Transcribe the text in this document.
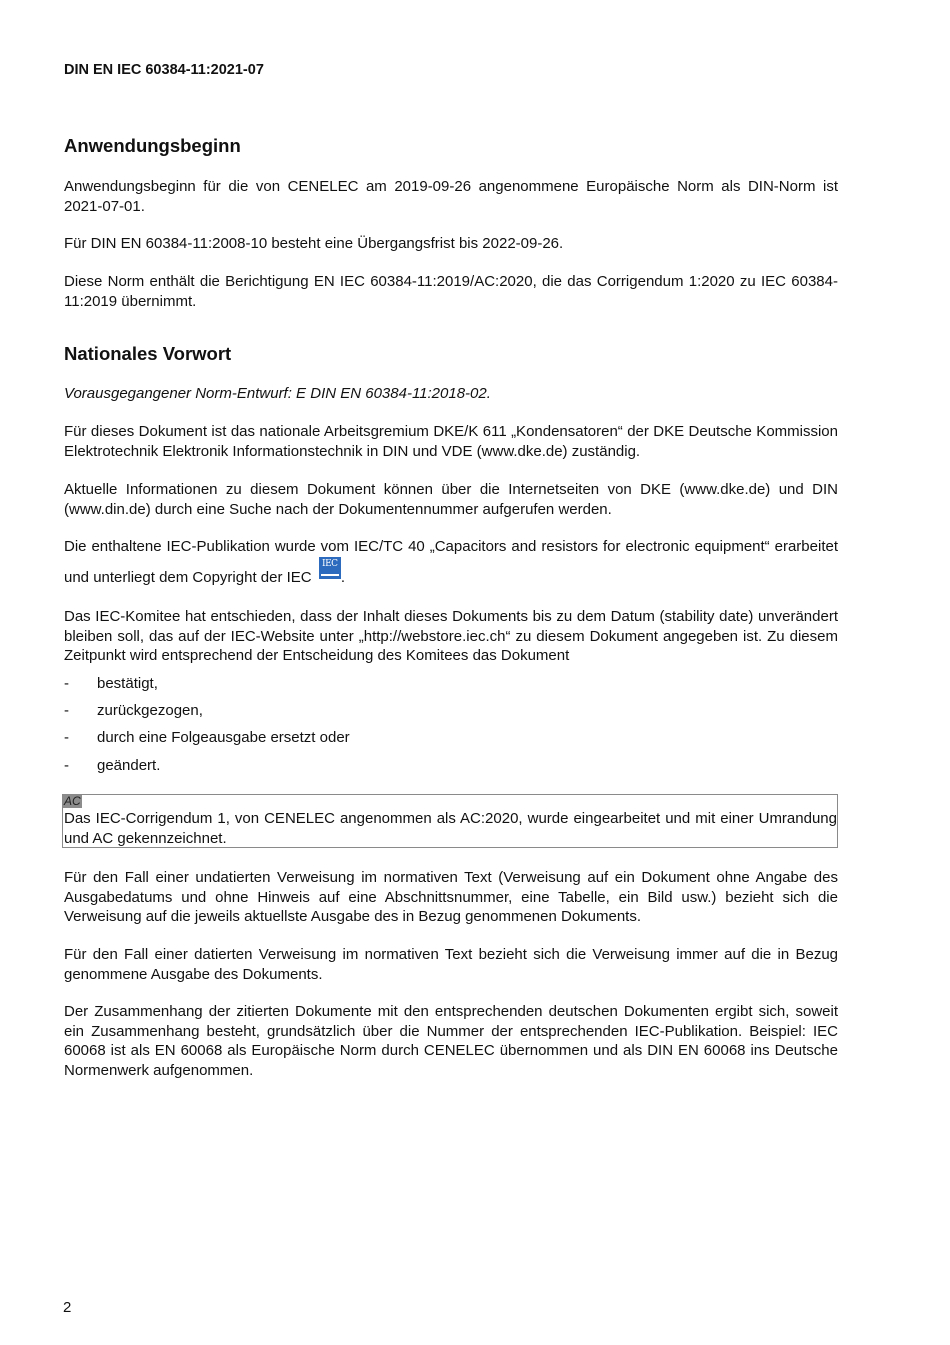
DIN EN IEC 60384-11:2021-07
Anwendungsbeginn
Anwendungsbeginn für die von CENELEC am 2019-09-26 angenommene Europäische Norm als DIN-Norm ist 2021-07-01.
Für DIN EN 60384-11:2008-10 besteht eine Übergangsfrist bis 2022-09-26.
Diese Norm enthält die Berichtigung EN IEC 60384-11:2019/AC:2020, die das Corrigendum 1:2020 zu IEC 60384-11:2019 übernimmt.
Nationales Vorwort
Vorausgegangener Norm-Entwurf: E DIN EN 60384-11:2018-02.
Für dieses Dokument ist das nationale Arbeitsgremium DKE/K 611 „Kondensatoren“ der DKE Deutsche Kommission Elektrotechnik Elektronik Informationstechnik in DIN und VDE (www.dke.de) zuständig.
Aktuelle Informationen zu diesem Dokument können über die Internetseiten von DKE (www.dke.de) und DIN (www.din.de) durch eine Suche nach der Dokumentennummer aufgerufen werden.
Die enthaltene IEC-Publikation wurde vom IEC/TC 40 „Capacitors and resistors for electronic equipment“ erarbeitet und unterliegt dem Copyright der IEC
IEC
.
Das IEC-Komitee hat entschieden, dass der Inhalt dieses Dokuments bis zu dem Datum (stability date) unverändert bleiben soll, das auf der IEC-Website unter „http://webstore.iec.ch“ zu diesem Dokument angegeben ist. Zu diesem Zeitpunkt wird entsprechend der Entscheidung des Komitees das Dokument
- bestätigt,
- zurückgezogen,
- durch eine Folgeausgabe ersetzt oder
- geändert.
AC
Das IEC-Corrigendum 1, von CENELEC angenommen als AC:2020, wurde eingearbeitet und mit einer Umrandung und AC gekennzeichnet.
Für den Fall einer undatierten Verweisung im normativen Text (Verweisung auf ein Dokument ohne Angabe des Ausgabedatums und ohne Hinweis auf eine Abschnittsnummer, eine Tabelle, ein Bild usw.) bezieht sich die Verweisung auf die jeweils aktuellste Ausgabe des in Bezug genommenen Dokuments.
Für den Fall einer datierten Verweisung im normativen Text bezieht sich die Verweisung immer auf die in Bezug genommene Ausgabe des Dokuments.
Der Zusammenhang der zitierten Dokumente mit den entsprechenden deutschen Dokumenten ergibt sich, soweit ein Zusammenhang besteht, grundsätzlich über die Nummer der entsprechenden IEC-Publikation. Beispiel: IEC 60068 ist als EN 60068 als Europäische Norm durch CENELEC übernommen und als DIN EN 60068 ins Deutsche Normenwerk aufgenommen.
2
